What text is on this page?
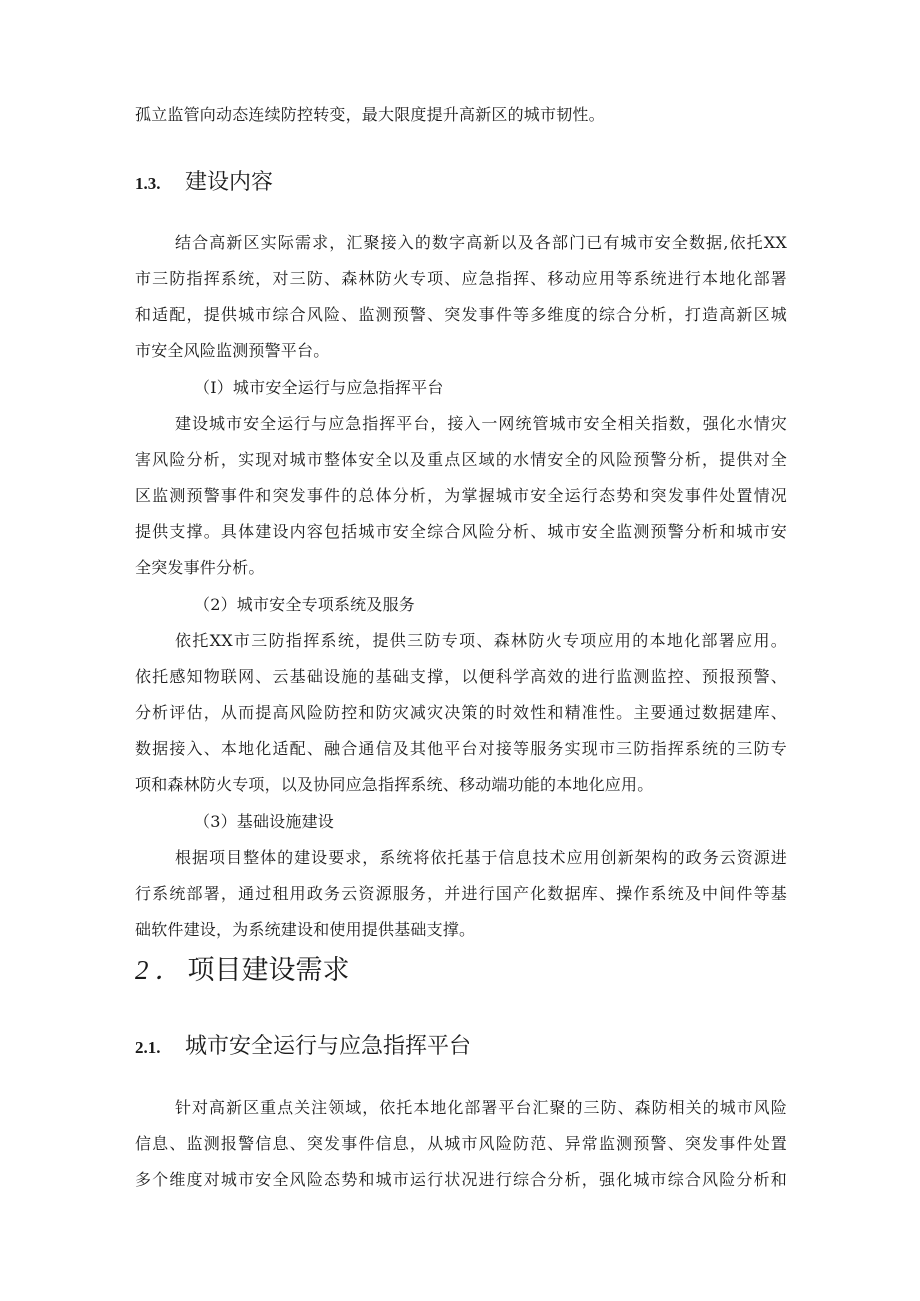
孤立监管向动态连续防控转变，最大限度提升高新区的城市韧性。
1.3. 建设内容
结合高新区实际需求，汇聚接入的数字高新以及各部门已有城市安全数据,依托XX
市三防指挥系统，对三防、森林防火专项、应急指挥、移动应用等系统进行本地化部署
和适配，提供城市综合风险、监测预警、突发事件等多维度的综合分析，打造高新区城
市安全风险监测预警平台。
（I）城市安全运行与应急指挥平台
建设城市安全运行与应急指挥平台，接入一网统管城市安全相关指数，强化水情灾
害风险分析，实现对城市整体安全以及重点区域的水情安全的风险预警分析，提供对全
区监测预警事件和突发事件的总体分析，为掌握城市安全运行态势和突发事件处置情况
提供支撑。具体建设内容包括城市安全综合风险分析、城市安全监测预警分析和城市安
全突发事件分析。
（2）城市安全专项系统及服务
依托XX市三防指挥系统，提供三防专项、森林防火专项应用的本地化部署应用。
依托感知物联网、云基础设施的基础支撑，以便科学高效的进行监测监控、预报预警、
分析评估，从而提高风险防控和防灾减灾决策的时效性和精准性。主要通过数据建库、
数据接入、本地化适配、融合通信及其他平台对接等服务实现市三防指挥系统的三防专
项和森林防火专项，以及协同应急指挥系统、移动端功能的本地化应用。
（3）基础设施建设
根据项目整体的建设要求，系统将依托基于信息技术应用创新架构的政务云资源进
行系统部署，通过租用政务云资源服务，并进行国产化数据库、操作系统及中间件等基
础软件建设，为系统建设和使用提供基础支撑。
2．项目建设需求
2.1. 城市安全运行与应急指挥平台
针对高新区重点关注领域，依托本地化部署平台汇聚的三防、森防相关的城市风险
信息、监测报警信息、突发事件信息，从城市风险防范、异常监测预警、突发事件处置
多个维度对城市安全风险态势和城市运行状况进行综合分析，强化城市综合风险分析和
